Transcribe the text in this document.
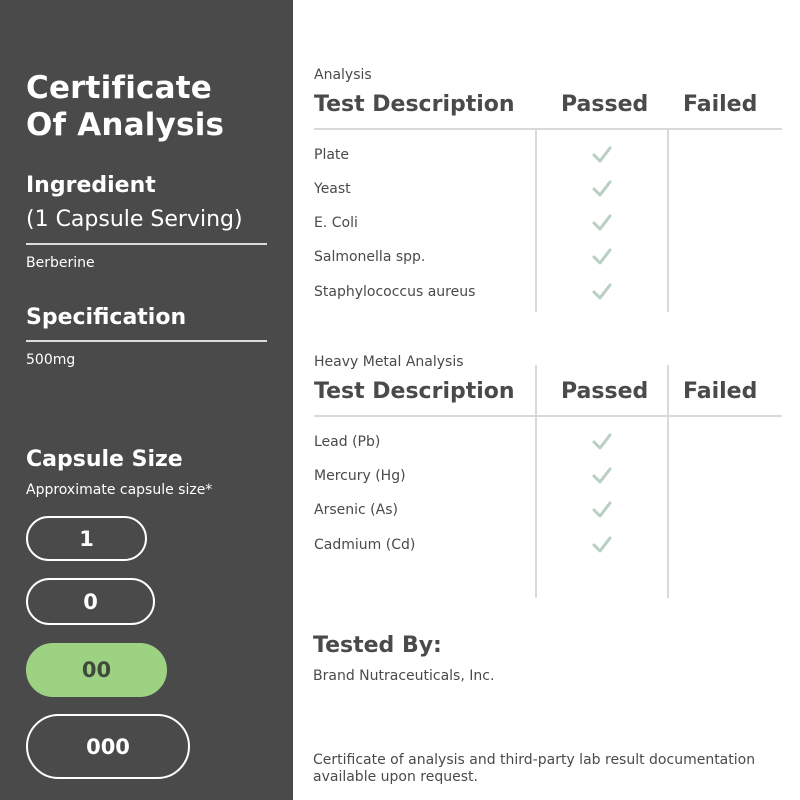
Certificate
Of Analysis
Ingredient
(1 Capsule Serving)
Berberine
Specification
500mg
Capsule Size
Approximate capsule size*
1
0
00
000
Analysis
Test Description Passed Failed
Plate
Yeast
E. Coli
Salmonella spp.
Staphylococcus aureus
Heavy Metal Analysis
Test Description Passed Failed
Lead (Pb)
Mercury (Hg)
Arsenic (As)
Cadmium (Cd)
Tested By:
Brand Nutraceuticals, Inc.
Certificate of analysis and third-party lab result documentation available upon request.
